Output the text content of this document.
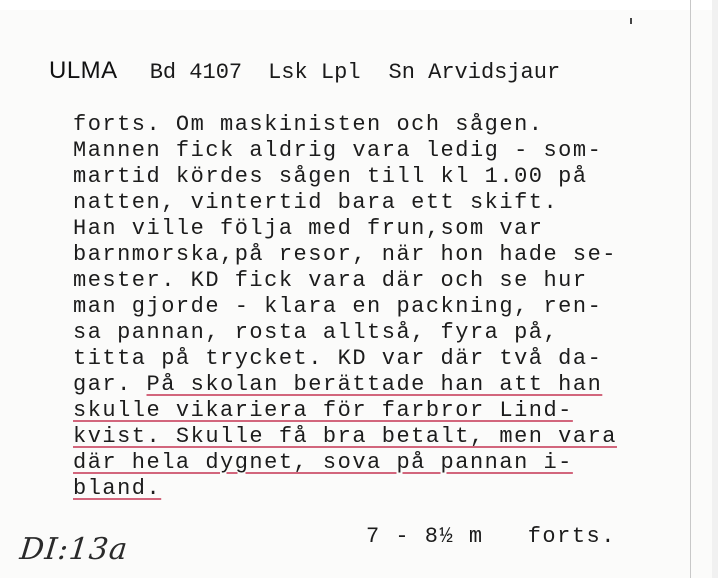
ULMA Bd 4107 Lsk Lpl Sn Arvidsjaur
forts. Om maskinisten och sågen.
Mannen fick aldrig vara ledig - som-
martid kördes sågen till kl 1.00 på
natten, vintertid bara ett skift.
Han ville följa med frun,som var
barnmorska,på resor, när hon hade se-
mester. KD fick vara där och se hur
man gjorde - klara en packning, ren-
sa pannan, rosta alltså, fyra på,
titta på trycket. KD var där två da-
gar. På skolan berättade han att han
skulle vikariera för farbror Lind-
kvist. Skulle få bra betalt, men vara
där hela dygnet, sova på pannan i-
bland.
7 - 8½ m   forts.
DI:13a
